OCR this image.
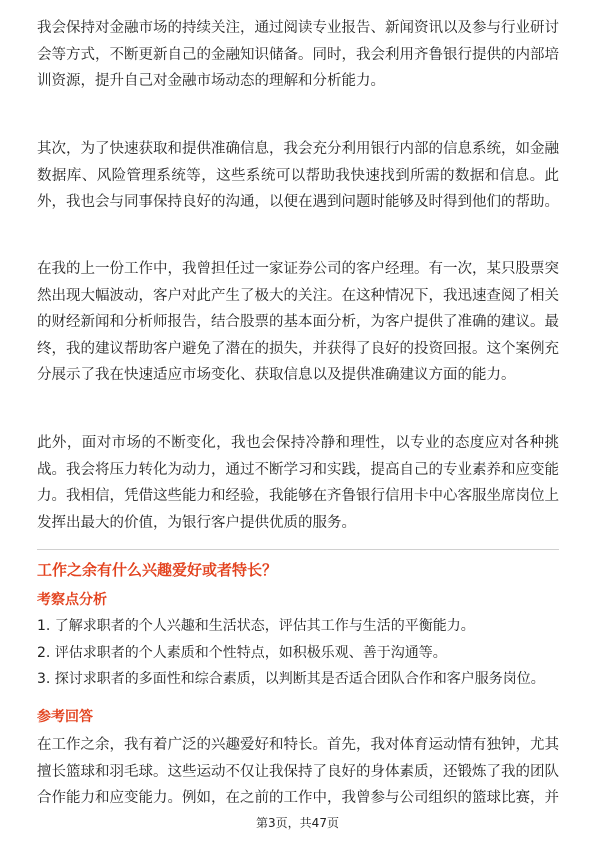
我会保持对金融市场的持续关注，通过阅读专业报告、新闻资讯以及参与行业研讨会等方式，不断更新自己的金融知识储备。同时，我会利用齐鲁银行提供的内部培训资源，提升自己对金融市场动态的理解和分析能力。

其次，为了快速获取和提供准确信息，我会充分利用银行内部的信息系统，如金融数据库、风险管理系统等，这些系统可以帮助我快速找到所需的数据和信息。此外，我也会与同事保持良好的沟通，以便在遇到问题时能够及时得到他们的帮助。

在我的上一份工作中，我曾担任过一家证券公司的客户经理。有一次，某只股票突然出现大幅波动，客户对此产生了极大的关注。在这种情况下，我迅速查阅了相关的财经新闻和分析师报告，结合股票的基本面分析，为客户提供了准确的建议。最终，我的建议帮助客户避免了潜在的损失，并获得了良好的投资回报。这个案例充分展示了我在快速适应市场变化、获取信息以及提供准确建议方面的能力。

此外，面对市场的不断变化，我也会保持冷静和理性，以专业的态度应对各种挑战。我会将压力转化为动力，通过不断学习和实践，提高自己的专业素养和应变能力。我相信，凭借这些能力和经验，我能够在齐鲁银行信用卡中心客服坐席岗位上发挥出最大的价值，为银行客户提供优质的服务。

工作之余有什么兴趣爱好或者特长？
考察点分析
1. 了解求职者的个人兴趣和生活状态，评估其工作与生活的平衡能力。
2. 评估求职者的个人素质和个性特点，如积极乐观、善于沟通等。
3. 探讨求职者的多面性和综合素质，以判断其是否适合团队合作和客户服务岗位。
参考回答

在工作之余，我有着广泛的兴趣爱好和特长。首先，我对体育运动情有独钟，尤其擅长篮球和羽毛球。这些运动不仅让我保持了良好的身体素质，还锻炼了我的团队合作能力和应变能力。例如，在之前的工作中，我曾参与公司组织的篮球比赛，并

第3页，共47页
